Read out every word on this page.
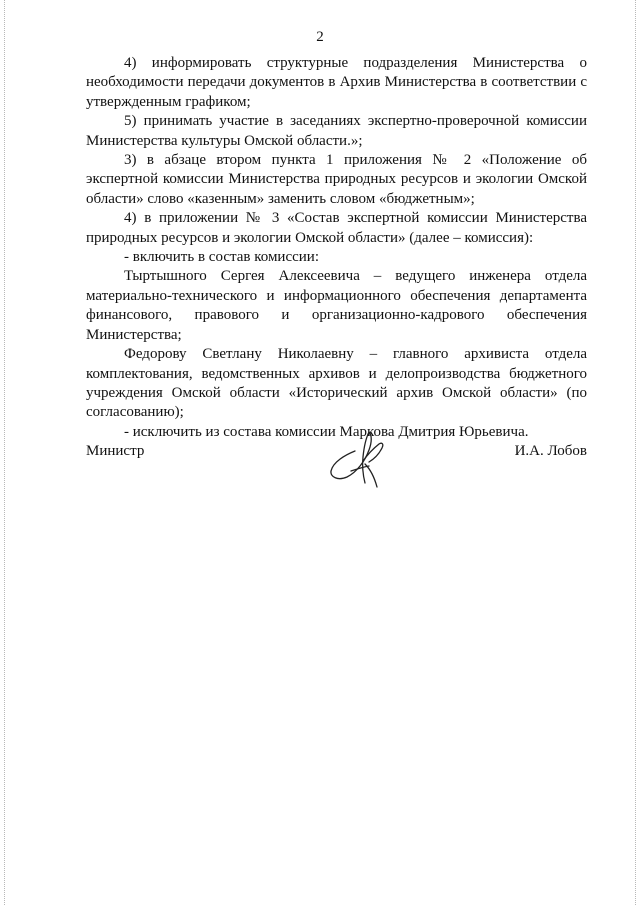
2

4) информировать структурные подразделения Министерства о необходимости передачи документов в Архив Министерства в соответствии с утвержденным графиком;

5) принимать участие в заседаниях экспертно-проверочной комиссии Министерства культуры Омской области.»;

3) в абзаце втором пункта 1 приложения № 2 «Положение об экспертной комиссии Министерства природных ресурсов и экологии Омской области» слово «казенным» заменить словом «бюджетным»;

4) в приложении № 3 «Состав экспертной комиссии Министерства природных ресурсов и экологии Омской области» (далее – комиссия):

- включить в состав комиссии:

Тыртышного Сергея Алексеевича – ведущего инженера отдела материально-технического и информационного обеспечения департамента финансового, правового и организационно-кадрового обеспечения Министерства;

Федорову Светлану Николаевну – главного архивиста отдела комплектования, ведомственных архивов и делопроизводства бюджетного учреждения Омской области «Исторический архив Омской области» (по согласованию);

- исключить из состава комиссии Маркова Дмитрия Юрьевича.

Министр	И.А. Лобов
